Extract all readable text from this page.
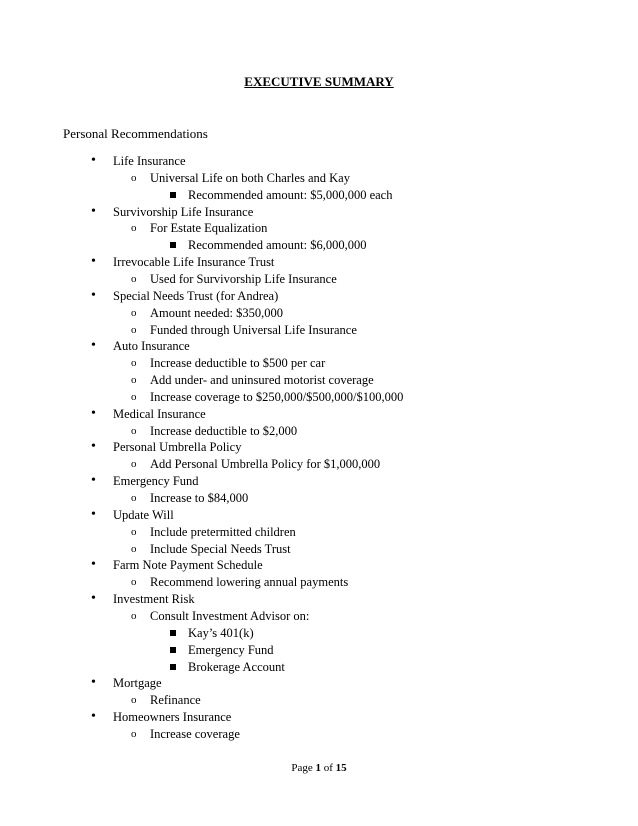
EXECUTIVE SUMMARY
Personal Recommendations
• Life Insurance
o Universal Life on both Charles and Kay
Recommended amount: $5,000,000 each
• Survivorship Life Insurance
o For Estate Equalization
Recommended amount: $6,000,000
• Irrevocable Life Insurance Trust
o Used for Survivorship Life Insurance
• Special Needs Trust (for Andrea)
o Amount needed: $350,000
o Funded through Universal Life Insurance
• Auto Insurance
o Increase deductible to $500 per car
o Add under- and uninsured motorist coverage
o Increase coverage to $250,000/$500,000/$100,000
• Medical Insurance
o Increase deductible to $2,000
• Personal Umbrella Policy
o Add Personal Umbrella Policy for $1,000,000
• Emergency Fund
o Increase to $84,000
• Update Will
o Include pretermitted children
o Include Special Needs Trust
• Farm Note Payment Schedule
o Recommend lowering annual payments
• Investment Risk
o Consult Investment Advisor on:
Kay’s 401(k)
Emergency Fund
Brokerage Account
• Mortgage
o Refinance
• Homeowners Insurance
o Increase coverage
Page 1 of 15
